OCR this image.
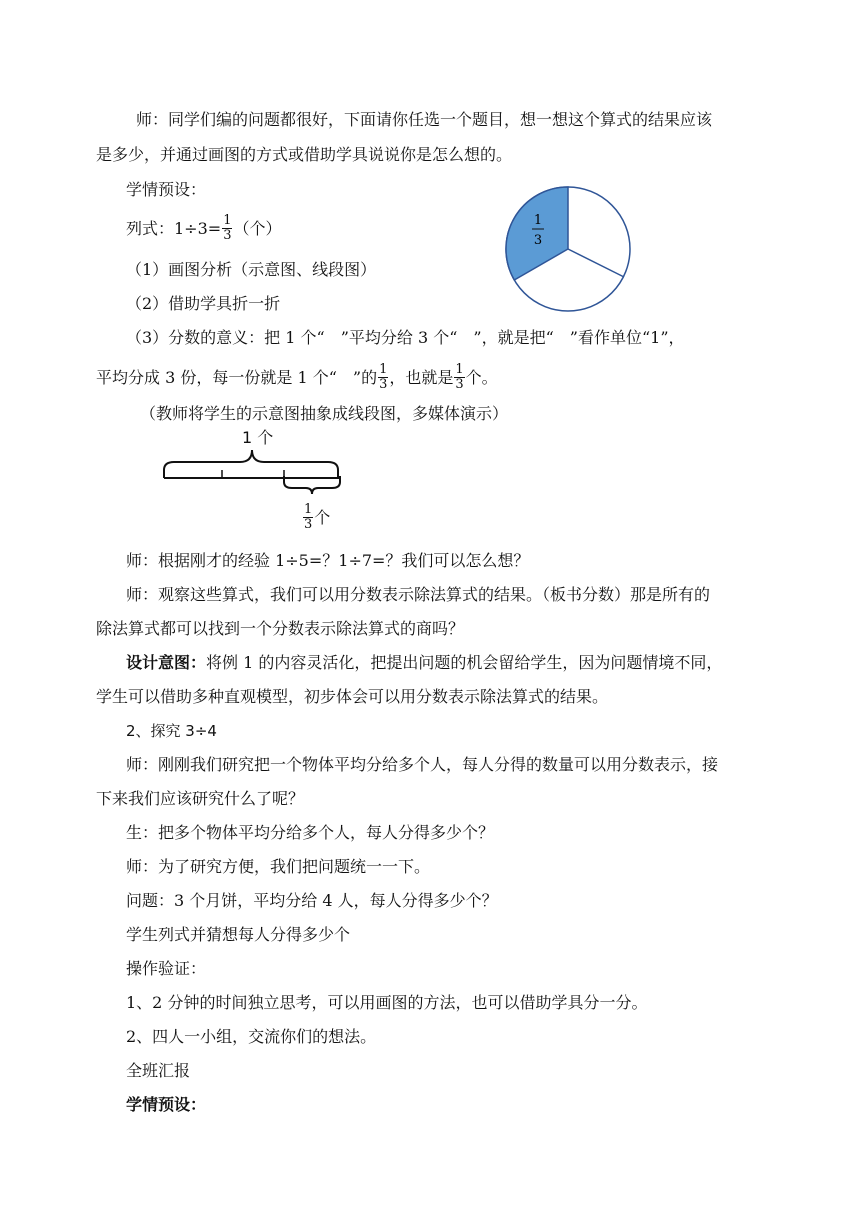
师：同学们编的问题都很好，下面请你任选一个题目，想一想这个算式的结果应该
是多少，并通过画图的方式或借助学具说说你是怎么想的。
学情预设：
列式：$1\div 3= \frac{1}{3}$ （个）
（1）画图分析（示意图、线段图）
（2）借助学具折一折
（3）分数的意义：把 1 个“　”平均分给 3 个“　”，就是把“　”看作单位“1”，
平均分成 3 份，每一份就是 1 个“　”的 $\frac{1}{3}$ ，也就是 $\frac{1}{3}$ 个。
（教师将学生的示意图抽象成线段图，多媒体演示）
1
3
1 个
$\frac{1}{3}$ 个
师：根据刚才的经验 1÷5=？1÷7=？我们可以怎么想？
师：观察这些算式，我们可以用分数表示除法算式的结果。（板书分数）那是所有的
除法算式都可以找到一个分数表示除法算式的商吗？
设计意图：将例 1 的内容灵活化，把提出问题的机会留给学生，因为问题情境不同，
学生可以借助多种直观模型，初步体会可以用分数表示除法算式的结果。
2、探究 3÷4
师：刚刚我们研究把一个物体平均分给多个人，每人分得的数量可以用分数表示，接
下来我们应该研究什么了呢？
生：把多个物体平均分给多个人，每人分得多少个？
师：为了研究方便，我们把问题统一一下。
问题：3 个月饼，平均分给 4 人，每人分得多少个？
学生列式并猜想每人分得多少个
操作验证：
1、2 分钟的时间独立思考，可以用画图的方法，也可以借助学具分一分。
2、四人一小组，交流你们的想法。
全班汇报
学情预设：
